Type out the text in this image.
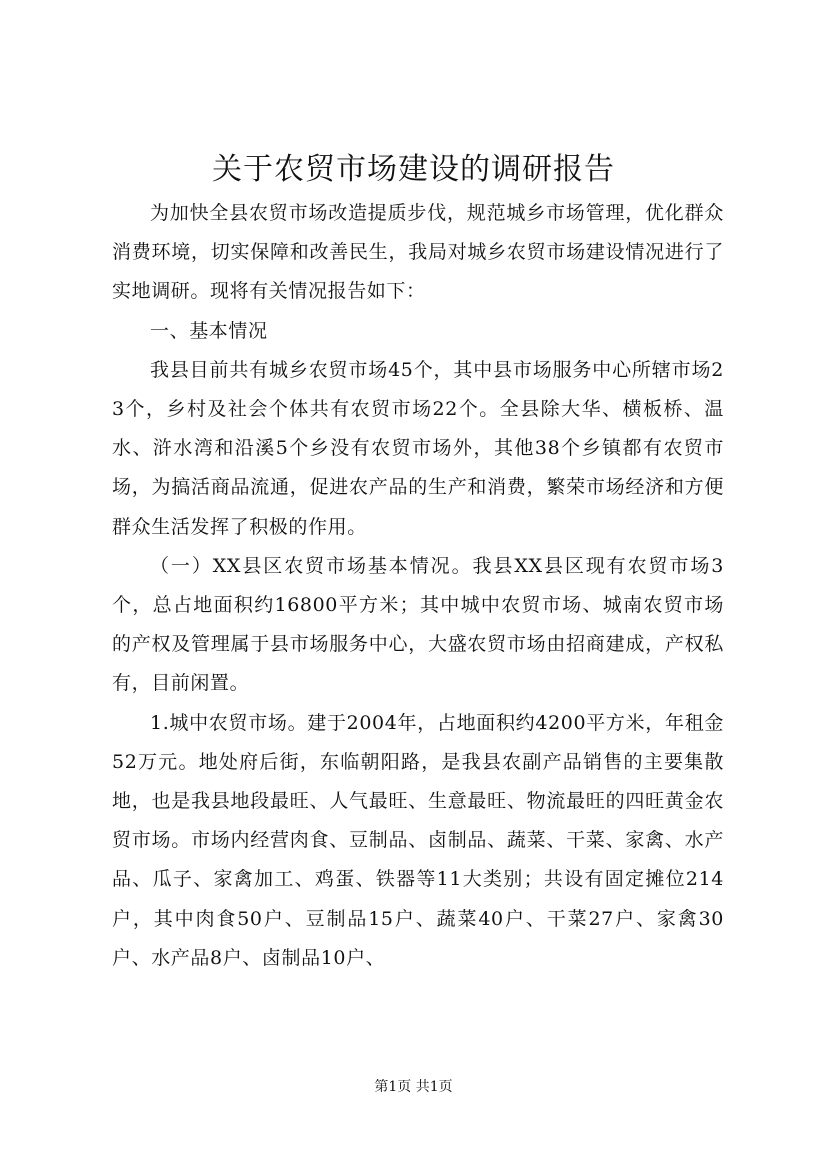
关于农贸市场建设的调研报告

为加快全县农贸市场改造提质步伐，规范城乡市场管理，优化群众消费环境，切实保障和改善民生，我局对城乡农贸市场建设情况进行了实地调研。现将有关情况报告如下：

一、基本情况

我县目前共有城乡农贸市场45个，其中县市场服务中心所辖市场23个，乡村及社会个体共有农贸市场22个。全县除大华、横板桥、温水、浒水湾和沿溪5个乡没有农贸市场外，其他38个乡镇都有农贸市场，为搞活商品流通，促进农产品的生产和消费，繁荣市场经济和方便群众生活发挥了积极的作用。

（一）XX县区农贸市场基本情况。我县XX县区现有农贸市场3个，总占地面积约16800平方米；其中城中农贸市场、城南农贸市场的产权及管理属于县市场服务中心，大盛农贸市场由招商建成，产权私有，目前闲置。

1.城中农贸市场。建于2004年，占地面积约4200平方米，年租金52万元。地处府后街，东临朝阳路，是我县农副产品销售的主要集散地，也是我县地段最旺、人气最旺、生意最旺、物流最旺的四旺黄金农贸市场。市场内经营肉食、豆制品、卤制品、蔬菜、干菜、家禽、水产品、瓜子、家禽加工、鸡蛋、铁器等11大类别；共设有固定摊位214户，其中肉食50户、豆制品15户、蔬菜40户、干菜27户、家禽30户、水产品8户、卤制品10户、

第1页 共1页
